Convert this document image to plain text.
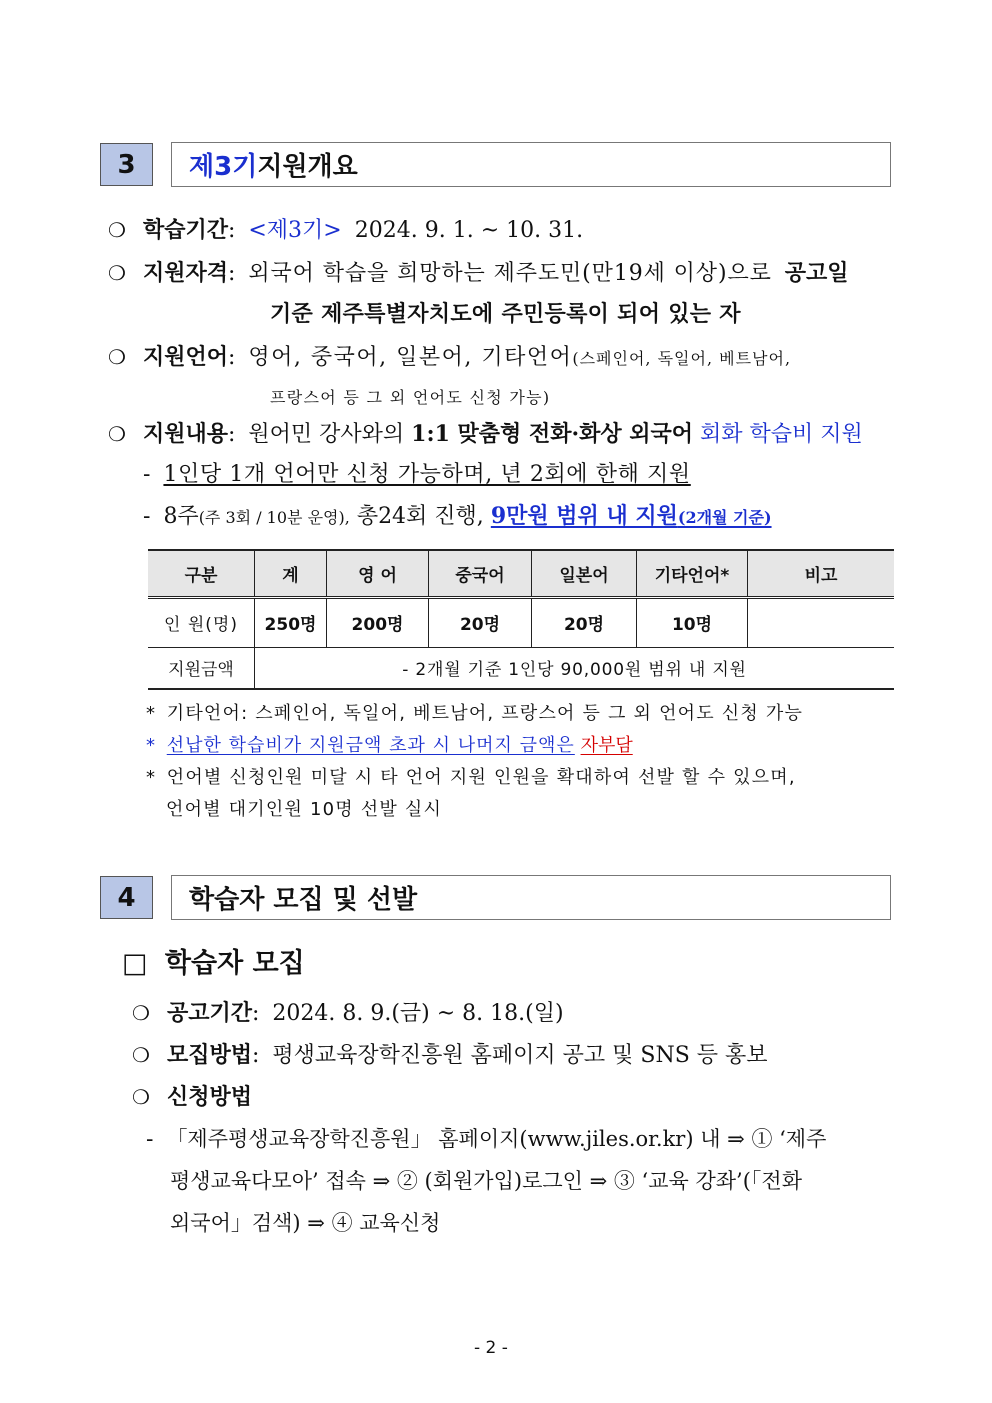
3	제3기 지원개요
❍ 학습기간: <제3기> 2024. 9. 1. ~ 10. 31.
❍ 지원자격: 외국어 학습을 희망하는 제주도민(만19세 이상)으로 공고일
기준 제주특별자치도에 주민등록이 되어 있는 자
❍ 지원언어: 영어, 중국어, 일본어, 기타언어(스페인어, 독일어, 베트남어,
프랑스어 등 그 외 언어도 신청 가능)
❍ 지원내용: 원어민 강사와의 1:1 맞춤형 전화·화상 외국어 회화 학습비 지원
- 1인당 1개 언어만 신청 가능하며, 년 2회에 한해 지원
- 8주(주 3회 / 10분 운영), 총24회 진행, 9만원 범위 내 지원(2개월 기준)
구분	계	영 어	중국어	일본어	기타언어*	비고
인 원(명)	250명	200명	20명	20명	10명	
지원금액	- 2개월 기준 1인당 90,000원 범위 내 지원					
* 기타언어: 스페인어, 독일어, 베트남어, 프랑스어 등 그 외 언어도 신청 가능
* 선납한 학습비가 지원금액 초과 시 나머지 금액은 자부담
* 언어별 신청인원 미달 시 타 언어 지원 인원을 확대하여 선발 할 수 있으며,
언어별 대기인원 10명 선발 실시
4	학습자 모집 및 선발
□ 학습자 모집
❍ 공고기간: 2024. 8. 9.(금) ~ 8. 18.(일)
❍ 모집방법: 평생교육장학진흥원 홈페이지 공고 및 SNS 등 홍보
❍ 신청방법
- 「제주평생교육장학진흥원」 홈페이지(www.jiles.or.kr) 내 ⇒ ① ‘제주
평생교육다모아’ 접속 ⇒ ② (회원가입)로그인 ⇒ ③ ‘교육 강좌’(「전화
외국어」검색) ⇒ ④ 교육신청
- 2 -
